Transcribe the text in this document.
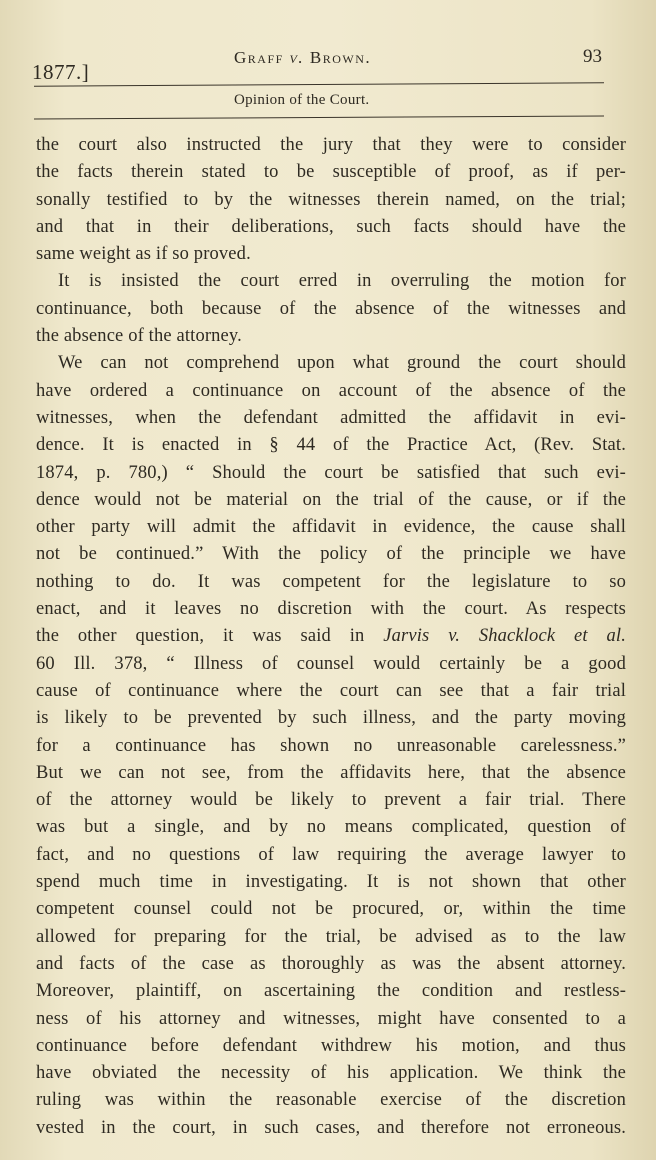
1877.]
Graff v. Brown.	93
Opinion of the Court.
the court also instructed the jury that they were to consider
the facts therein stated to be susceptible of proof, as if per-
sonally testified to by the witnesses therein named, on the trial;
and that in their deliberations, such facts should have the
same weight as if so proved.
It is insisted the court erred in overruling the motion for
continuance, both because of the absence of the witnesses and
the absence of the attorney.
We can not comprehend upon what ground the court should
have ordered a continuance on account of the absence of the
witnesses, when the defendant admitted the affidavit in evi-
dence. It is enacted in § 44 of the Practice Act, (Rev. Stat.
1874, p. 780,) “ Should the court be satisfied that such evi-
dence would not be material on the trial of the cause, or if the
other party will admit the affidavit in evidence, the cause shall
not be continued.” With the policy of the principle we have
nothing to do. It was competent for the legislature to so
enact, and it leaves no discretion with the court. As respects
the other question, it was said in Jarvis v. Shacklock et al.
60 Ill. 378, “ Illness of counsel would certainly be a good
cause of continuance where the court can see that a fair trial
is likely to be prevented by such illness, and the party moving
for a continuance has shown no unreasonable carelessness.”
But we can not see, from the affidavits here, that the absence
of the attorney would be likely to prevent a fair trial. There
was but a single, and by no means complicated, question of
fact, and no questions of law requiring the average lawyer to
spend much time in investigating. It is not shown that other
competent counsel could not be procured, or, within the time
allowed for preparing for the trial, be advised as to the law
and facts of the case as thoroughly as was the absent attorney.
Moreover, plaintiff, on ascertaining the condition and restless-
ness of his attorney and witnesses, might have consented to a
continuance before defendant withdrew his motion, and thus
have obviated the necessity of his application. We think the
ruling was within the reasonable exercise of the discretion
vested in the court, in such cases, and therefore not erroneous.
